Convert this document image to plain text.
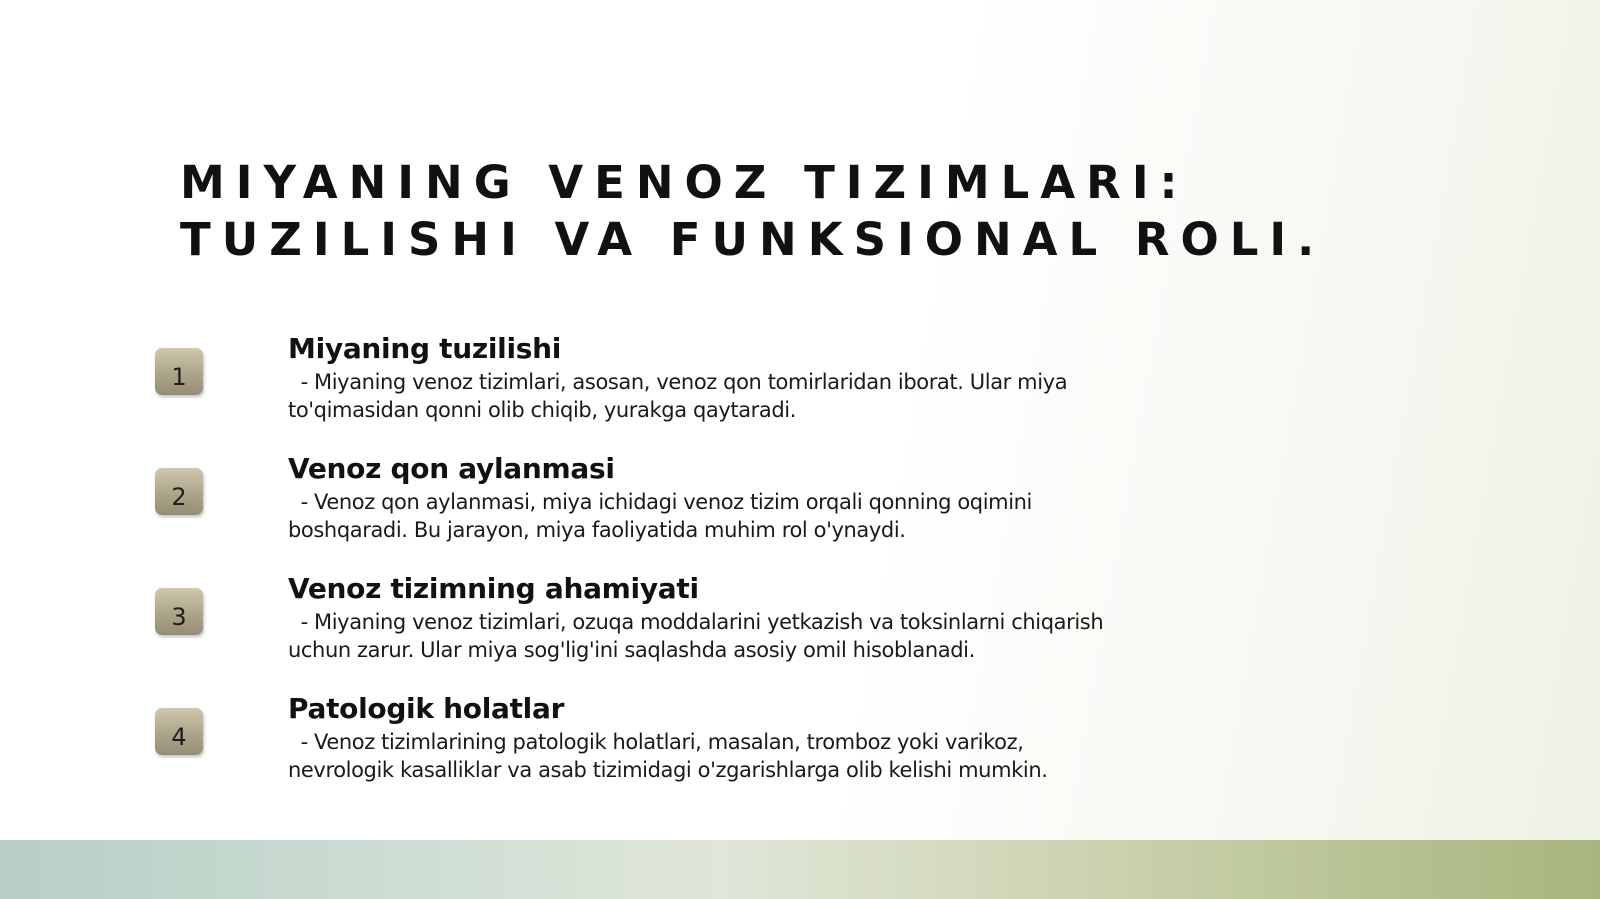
MIYANING VENOZ TIZIMLARI: TUZILISHI VA FUNKSIONAL ROLI.
1
Miyaning tuzilishi

- Miyaning venoz tizimlari, asosan, venoz qon tomirlaridan iborat. Ular miya to'qimasidan qonni olib chiqib, yurakga qaytaradi.

2
Venoz qon aylanmasi

- Venoz qon aylanmasi, miya ichidagi venoz tizim orqali qonning oqimini boshqaradi. Bu jarayon, miya faoliyatida muhim rol o'ynaydi.

3
Venoz tizimning ahamiyati

- Miyaning venoz tizimlari, ozuqa moddalarini yetkazish va toksinlarni chiqarish uchun zarur. Ular miya sog'lig'ini saqlashda asosiy omil hisoblanadi.

4
Patologik holatlar

- Venoz tizimlarining patologik holatlari, masalan, tromboz yoki varikoz, nevrologik kasalliklar va asab tizimidagi o'zgarishlarga olib kelishi mumkin.
